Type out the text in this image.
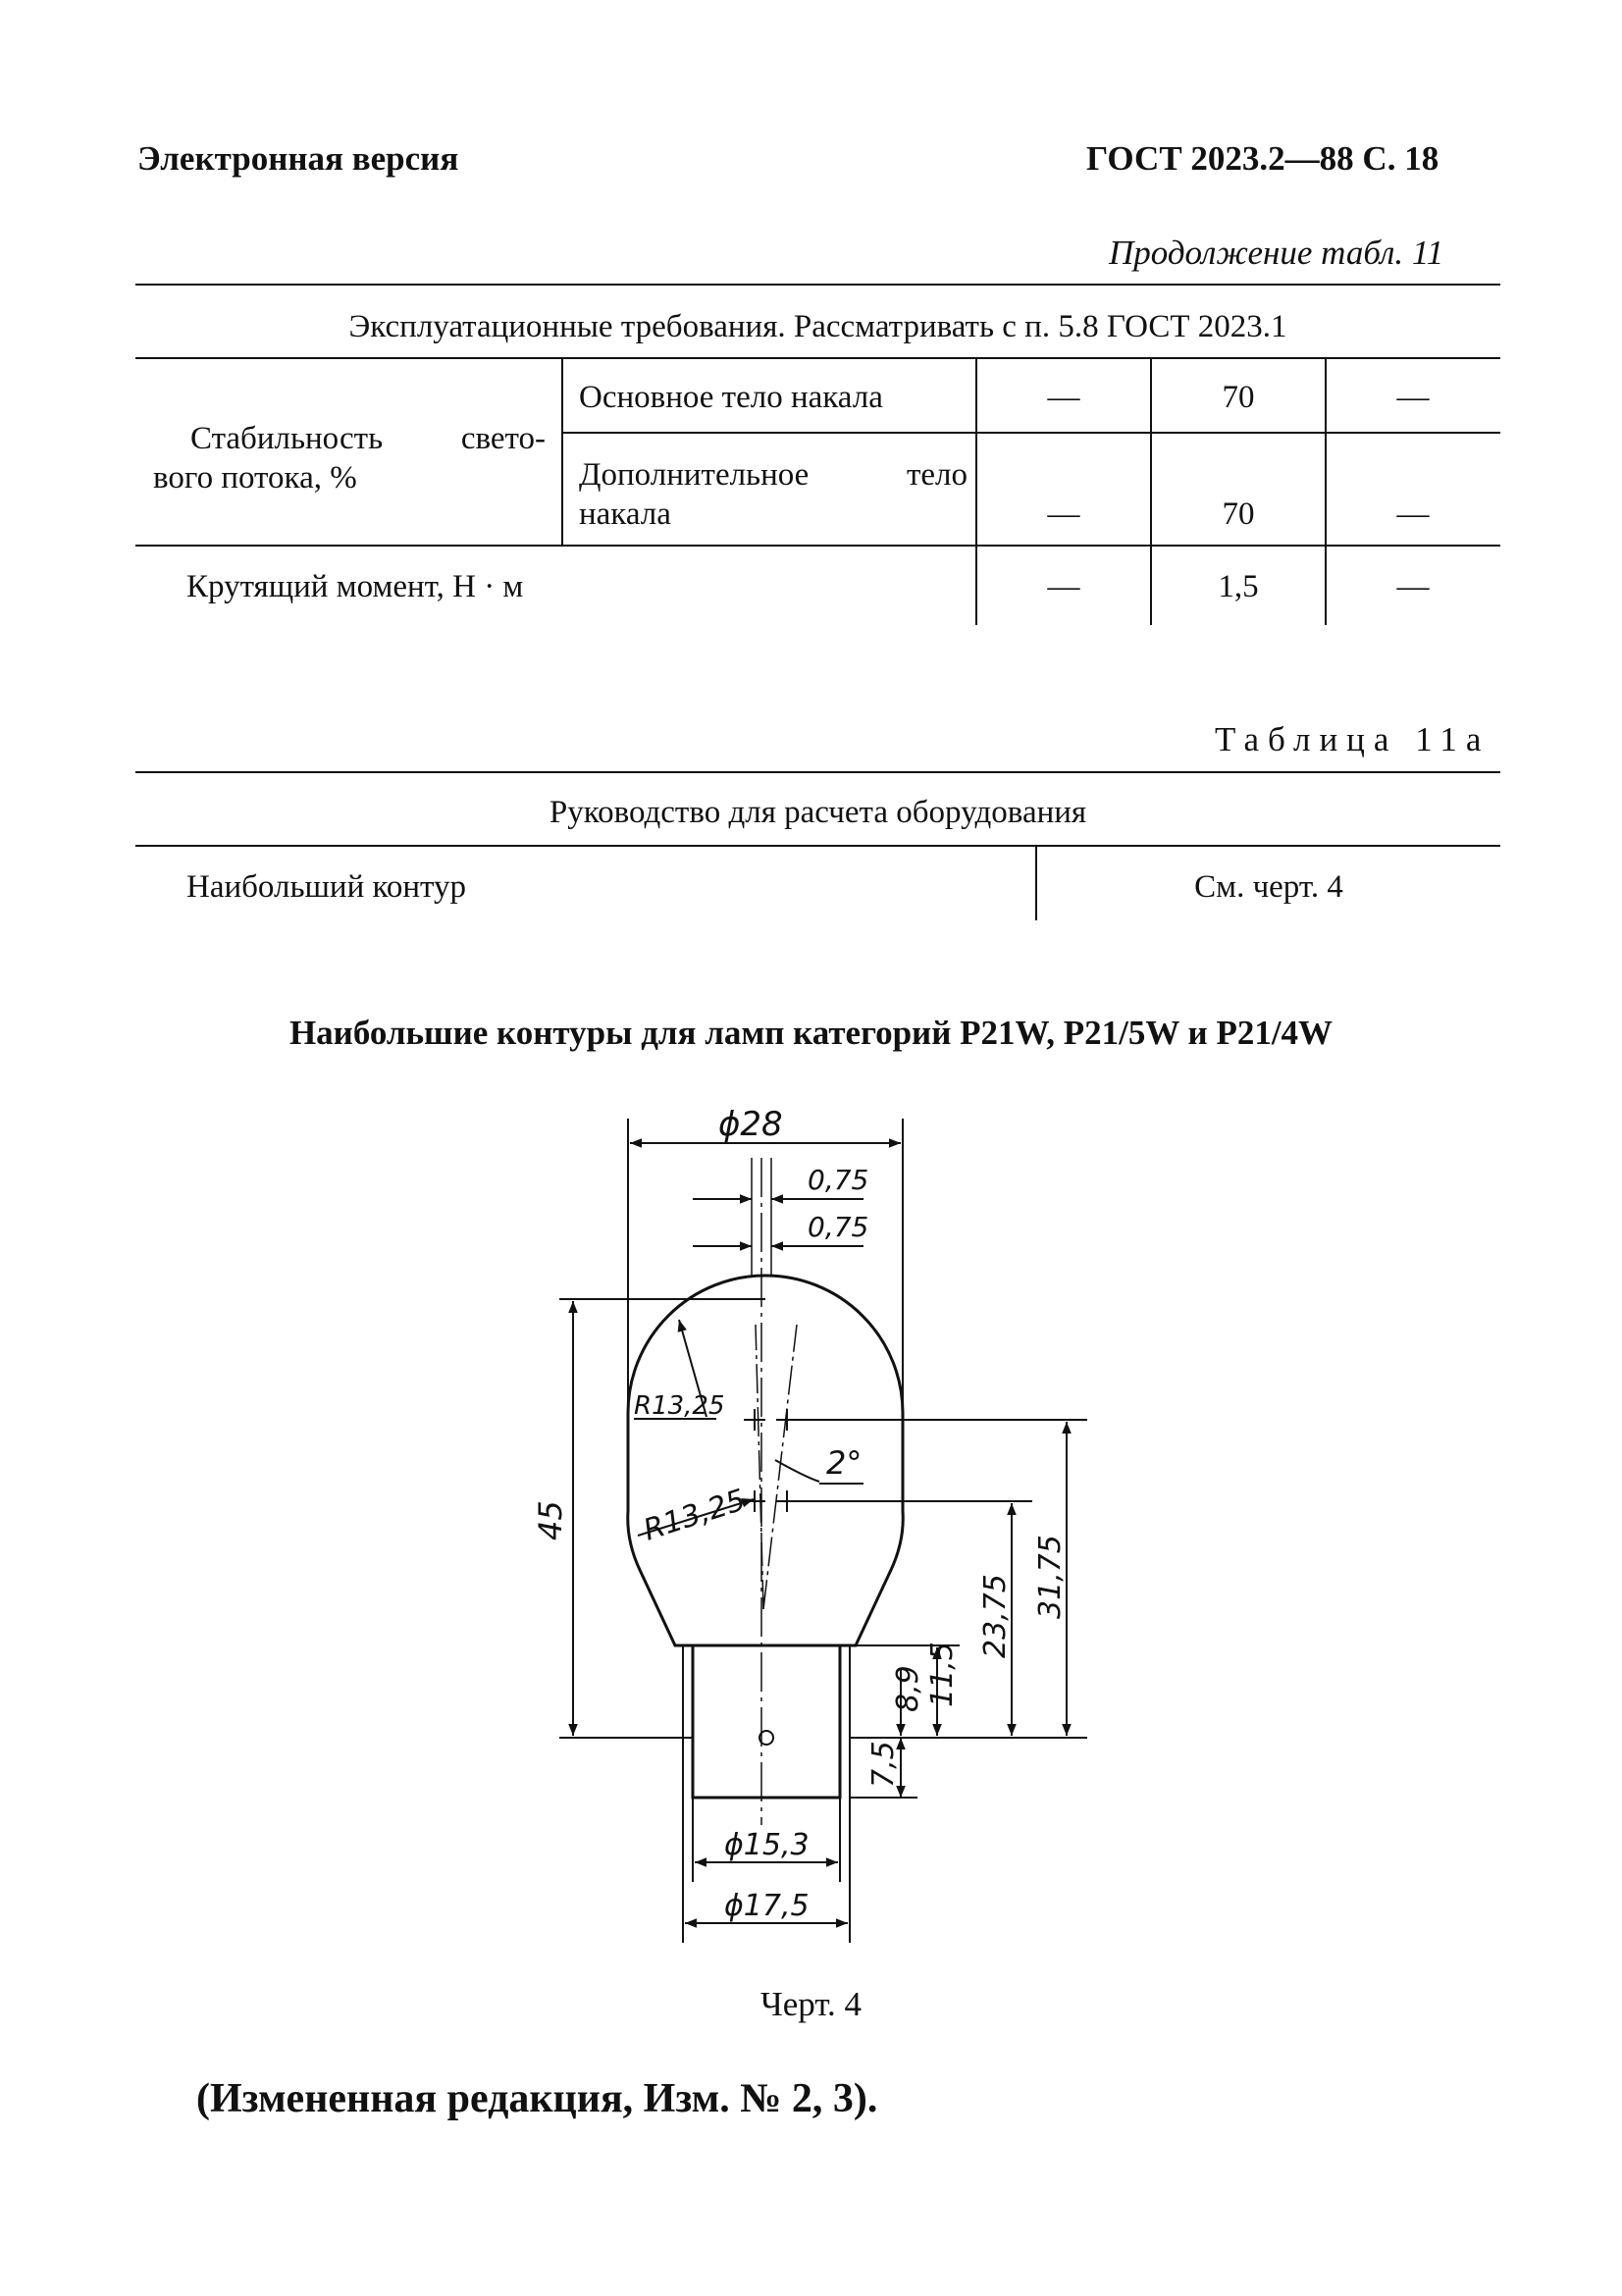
Электронная версия	ГОСТ 2023.2—88 С. 18
Продолжение табл. 11
Эксплуатационные требования. Рассматривать с п. 5.8 ГОСТ 2023.1
Стабильность свето-
вого потока, %
Основное тело накала	—	70	—
Дополнительное тело
накала	—	70	—
Крутящий момент, Н · м	—	1,5	—
Таблица 11а
Руководство для расчета оборудования
Наибольший контур	См. черт. 4
Наибольшие контуры для ламп категорий P21W, P21/5W и P21/4W
ϕ28
0,75
0,75
R13,25
R13,25
2°
45
31,75
23,75
11,5
8,9
7,5
ϕ15,3
ϕ17,5
Черт. 4
(Измененная редакция, Изм. № 2, 3).
